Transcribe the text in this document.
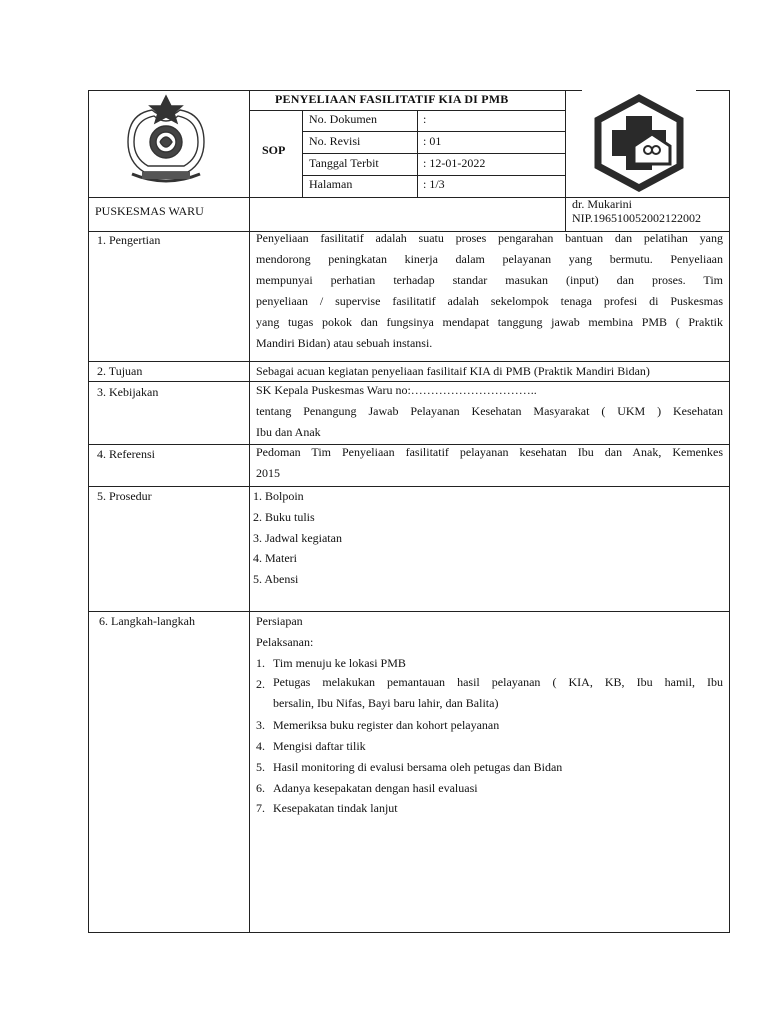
PENYELIAAN FASILITATIF KIA DI PMB
SOP
No. Dokumen	:
No. Revisi	: 01
Tanggal Terbit	: 12-01-2022
Halaman	: 1/3
PUSKESMAS WARU	dr. Mukarini
NIP.196510052002122002
1. Pengertian	Penyeliaan fasilitatif adalah suatu proses pengarahan bantuan dan pelatihan yang
mendorong peningkatan kinerja dalam pelayanan yang bermutu. Penyeliaan
mempunyai perhatian terhadap standar masukan (input) dan proses. Tim
penyeliaan / supervise fasilitatif adalah sekelompok tenaga profesi di Puskesmas
yang tugas pokok dan fungsinya mendapat tanggung jawab membina PMB ( Praktik
Mandiri Bidan) atau sebuah instansi.
2. Tujuan	Sebagai acuan kegiatan penyeliaan fasilitaif KIA di PMB (Praktik Mandiri Bidan)
3. Kebijakan	SK Kepala Puskesmas Waru no:…………………………..
tentang Penangung Jawab Pelayanan Kesehatan Masyarakat ( UKM ) Kesehatan
Ibu dan Anak
4. Referensi	Pedoman Tim Penyeliaan fasilitatif pelayanan kesehatan Ibu dan Anak, Kemenkes
2015
5. Prosedur	1. Bolpoin
2. Buku tulis
3. Jadwal kegiatan
4. Materi
5. Abensi
6. Langkah-langkah	Persiapan
Pelaksanan:
1. Tim menuju ke lokasi PMB
2. Petugas melakukan pemantauan hasil pelayanan ( KIA, KB, Ibu hamil, Ibu
bersalin, Ibu Nifas, Bayi baru lahir, dan Balita)
3. Memeriksa buku register dan kohort pelayanan
4. Mengisi daftar tilik
5. Hasil monitoring di evalusi bersama oleh petugas dan Bidan
6. Adanya kesepakatan dengan hasil evaluasi
7. Kesepakatan tindak lanjut
